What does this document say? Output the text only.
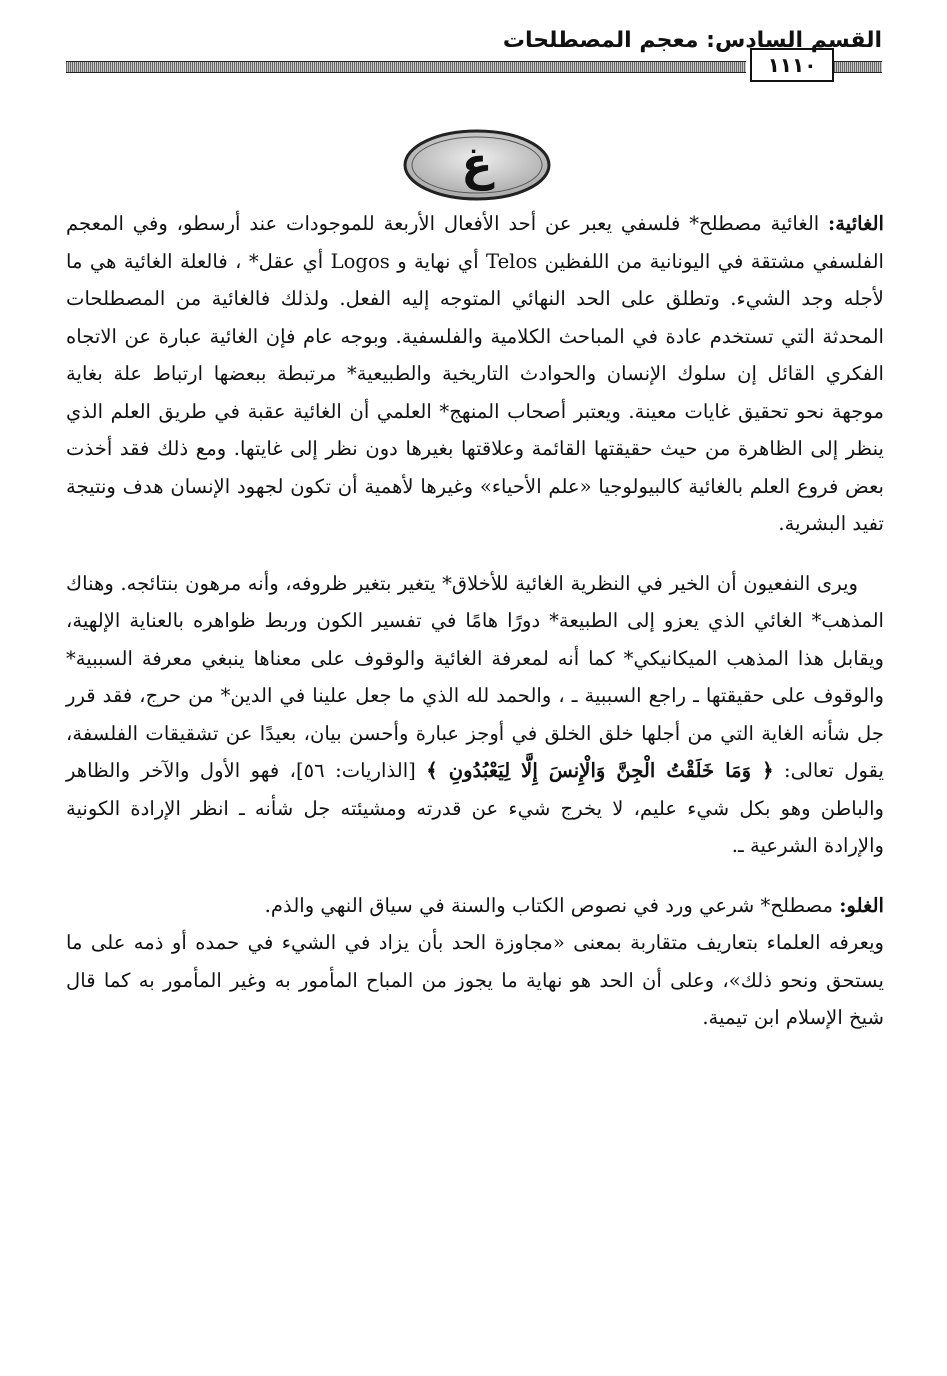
١١١٠
القسم السادس: معجم المصطلحات
غ

الغائية: الغائية مصطلح* فلسفي يعبر عن أحد الأفعال الأربعة للموجودات عند أرسطو، وفي المعجم الفلسفي مشتقة في اليونانية من اللفظين Telos أي نهاية و Logos أي عقل* ، فالعلة الغائية هي ما لأجله وجد الشيء. وتطلق على الحد النهائي المتوجه إليه الفعل. ولذلك فالغائية من المصطلحات المحدثة التي تستخدم عادة في المباحث الكلامية والفلسفية. وبوجه عام فإن الغائية عبارة عن الاتجاه الفكري القائل إن سلوك الإنسان والحوادث التاريخية والطبيعية* مرتبطة ببعضها ارتباط علة بغاية موجهة نحو تحقيق غايات معينة. ويعتبر أصحاب المنهج* العلمي أن الغائية عقبة في طريق العلم الذي ينظر إلى الظاهرة من حيث حقيقتها القائمة وعلاقتها بغيرها دون نظر إلى غايتها. ومع ذلك فقد أخذت بعض فروع العلم بالغائية كالبيولوجيا «علم الأحياء» وغيرها لأهمية أن تكون لجهود الإنسان هدف ونتيجة تفيد البشرية.

ويرى النفعيون أن الخير في النظرية الغائية للأخلاق* يتغير بتغير ظروفه، وأنه مرهون بنتائجه. وهناك المذهب* الغائي الذي يعزو إلى الطبيعة* دورًا هامًا في تفسير الكون وربط ظواهره بالعناية الإلهية، ويقابل هذا المذهب الميكانيكي* كما أنه لمعرفة الغائية والوقوف على معناها ينبغي معرفة السببية* والوقوف على حقيقتها ـ راجع السببية ـ ، والحمد لله الذي ما جعل علينا في الدين* من حرج، فقد قرر جل شأنه الغاية التي من أجلها خلق الخلق في أوجز عبارة وأحسن بيان، بعيدًا عن تشقيقات الفلسفة، يقول تعالى: ﴿ وَمَا خَلَقْتُ الْجِنَّ وَالْإِنسَ إِلَّا لِيَعْبُدُونِ ﴾ [الذاريات: ٥٦]، فهو الأول والآخر والظاهر والباطن وهو بكل شيء عليم، لا يخرج شيء عن قدرته ومشيئته جل شأنه ـ انظر الإرادة الكونية والإرادة الشرعية ـ.

الغلو: مصطلح* شرعي ورد في نصوص الكتاب والسنة في سياق النهي والذم.

ويعرفه العلماء بتعاريف متقاربة بمعنى «مجاوزة الحد بأن يزاد في الشيء في حمده أو ذمه على ما يستحق ونحو ذلك»، وعلى أن الحد هو نهاية ما يجوز من المباح المأمور به وغير المأمور به كما قال شيخ الإسلام ابن تيمية.
